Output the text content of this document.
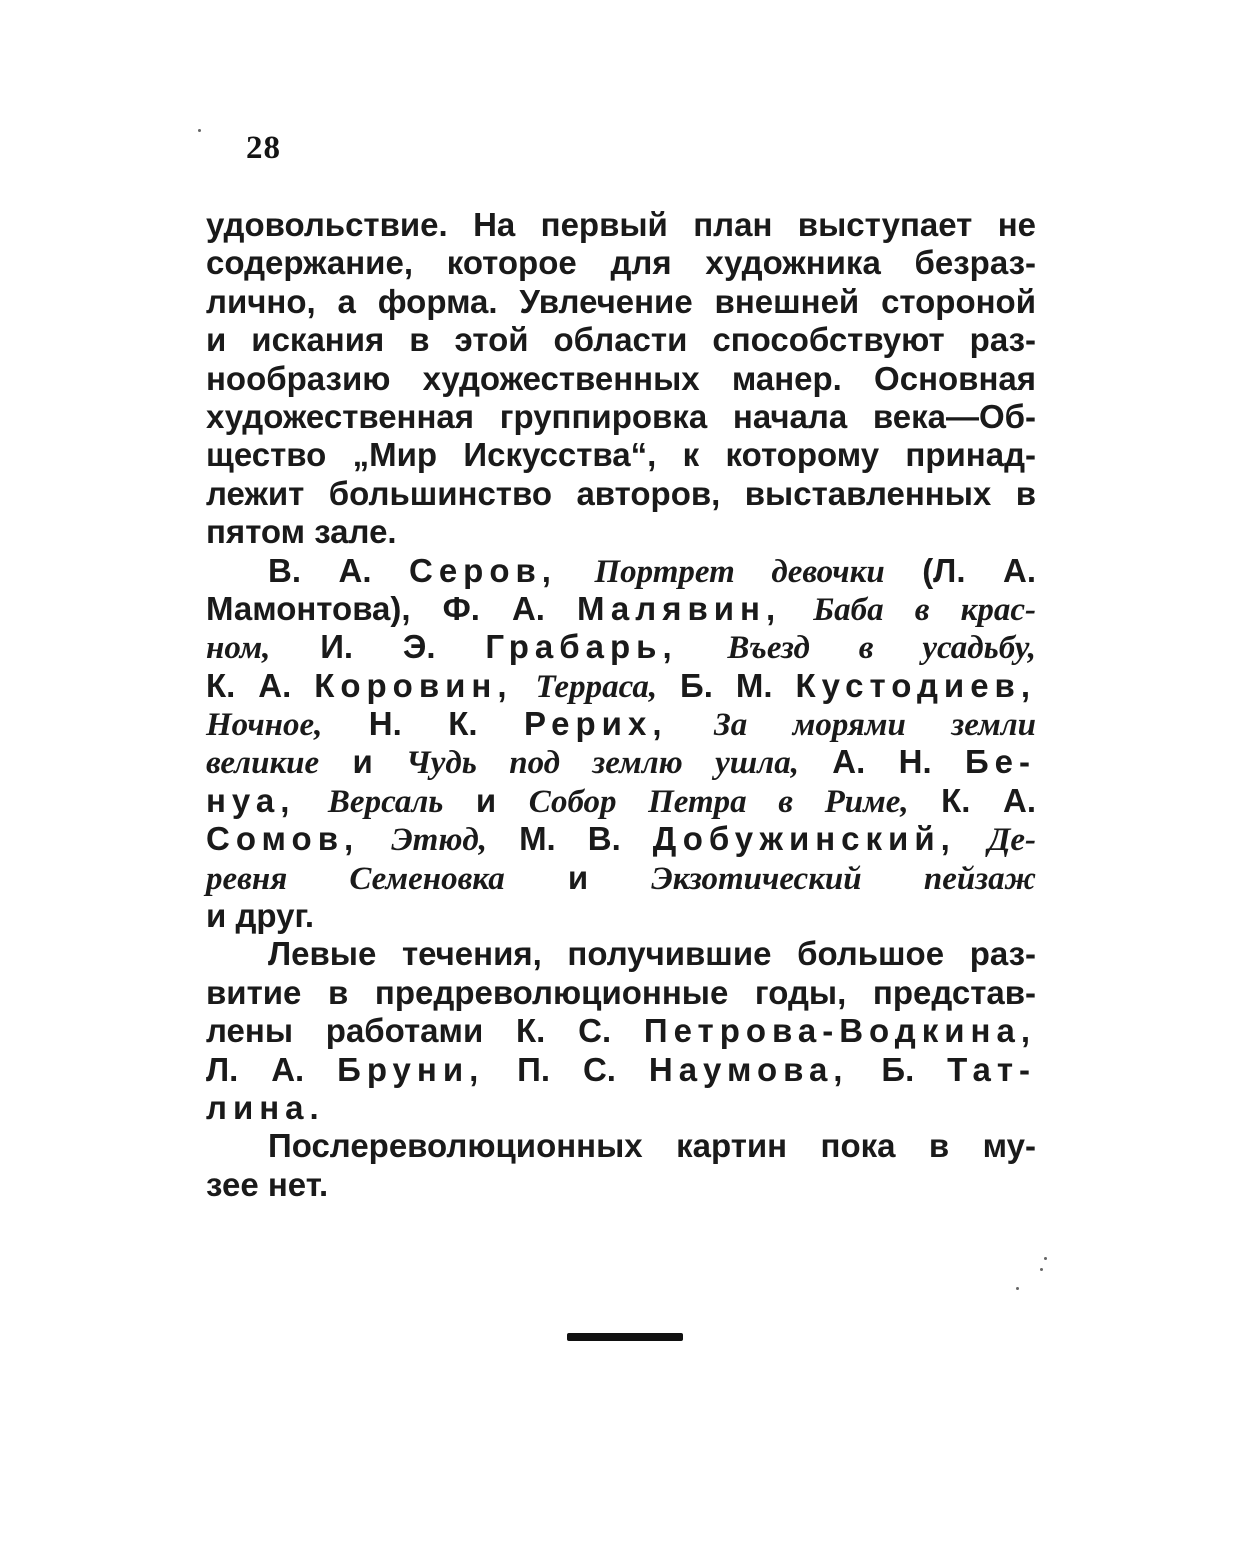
28
удовольствие. На первый план выступает не
содержание, которое для художника безраз-
лично, а форма. Увлечение внешней стороной
и искания в этой области способствуют раз-
нообразию художественных манер. Основная
художественная группировка начала века—Об-
щество „Мир Искусства“, к которому принад-
лежит большинство авторов, выставленных в
пятом зале.
В. А. Серов, Портрет девочки (Л. А.
Мамонтова), Ф. А. Малявин, Баба в крас-
ном, И. Э. Грабарь, Въезд в усадьбу,
К. А. Коровин, Терраса, Б. М. Кустодиев,
Ночное, Н. К. Рерих, За морями земли
великие и Чудь под землю ушла, А. Н. Бе-
нуа, Версаль и Собор Петра в Риме, К. А.
Сомов, Этюд, М. В. Добужинский, Де-
ревня Семеновка и Экзотический пейзаж
и друг.
Левые течения, получившие большое раз-
витие в предреволюционные годы, представ-
лены работами К. С. Петрова-Водкина,
Л. А. Бруни, П. С. Наумова, Б. Тат-
лина.
Послереволюционных картин пока в му-
зее нет.
